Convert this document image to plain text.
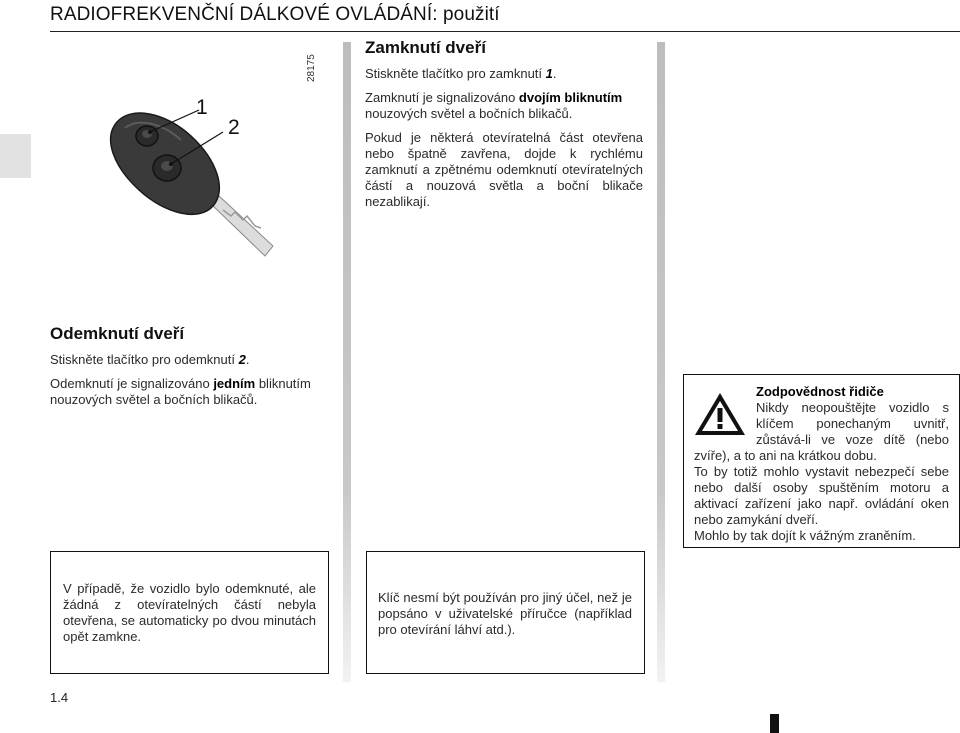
RADIOFREKVENČNÍ DÁLKOVÉ OVLÁDÁNÍ: použití
28175
1
2
Zamknutí dveří

Stiskněte tlačítko pro zamknutí 1.

Zamknutí je signalizováno dvojím bliknutím nouzových světel a bočních blikačů.

Pokud je některá otevíratelná část otevřena nebo špatně zavřena, dojde k rychlému zamknutí a zpětnému odemknutí otevíratelných částí a nouzová světla a boční blikače nezablikají.

Odemknutí dveří

Stiskněte tlačítko pro odemknutí 2.

Odemknutí je signalizováno jedním bliknutím nouzových světel a bočních blikačů.

Zodpovědnost řidiče

Nikdy neopouštějte vozidlo s klíčem ponechaným uvnitř, zůstává-li ve voze dítě (nebo zvíře), a to ani na krátkou dobu.

To by totiž mohlo vystavit nebezpečí sebe nebo další osoby spuštěním motoru a aktivací zařízení jako např. ovládání oken nebo zamykání dveří.

Mohlo by tak dojít k vážným zraněním.

V případě, že vozidlo bylo odemknuté, ale žádná z otevíratelných částí nebyla otevřena, se automaticky po dvou minutách opět zamkne.

Klíč nesmí být používán pro jiný účel, než je popsáno v uživatelské příručce (například pro otevírání láhví atd.).

1.4
